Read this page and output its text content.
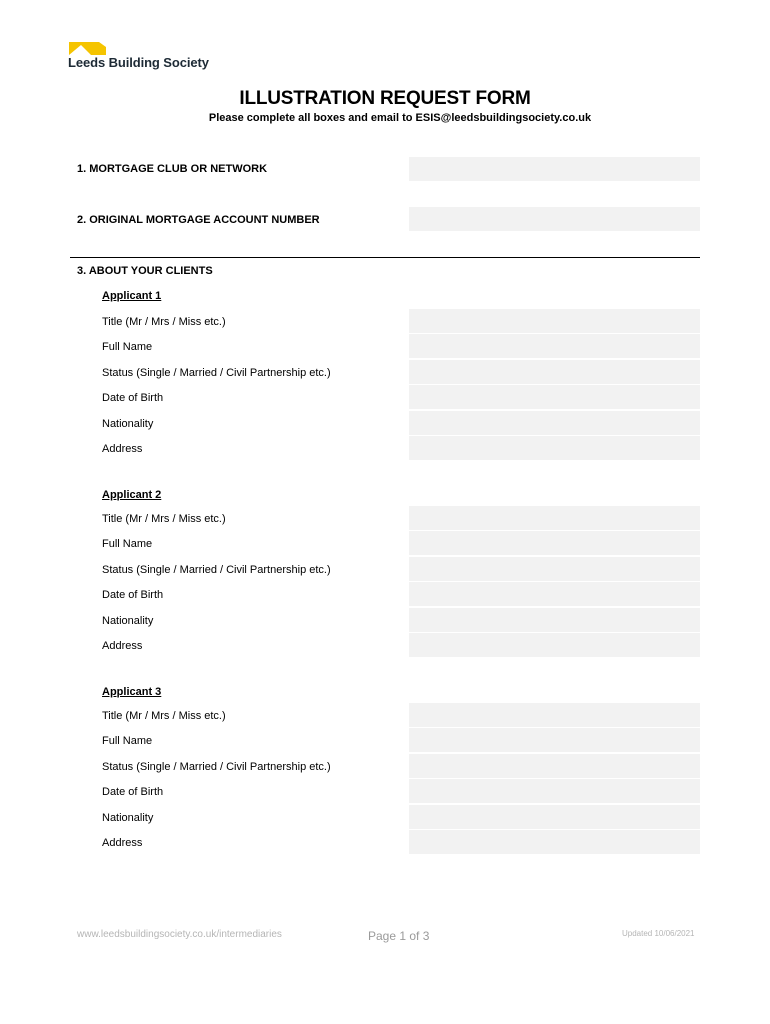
Leeds Building Society
ILLUSTRATION REQUEST FORM
Please complete all boxes and email to ESIS@leedsbuildingsociety.co.uk
1. MORTGAGE CLUB OR NETWORK
2. ORIGINAL MORTGAGE ACCOUNT NUMBER
3. ABOUT YOUR CLIENTS
Applicant 1
Title (Mr / Mrs / Miss etc.)
Full Name
Status (Single / Married / Civil Partnership etc.)
Date of Birth
Nationality
Address
Applicant 2
Title (Mr / Mrs / Miss etc.)
Full Name
Status (Single / Married / Civil Partnership etc.)
Date of Birth
Nationality
Address
Applicant 3
Title (Mr / Mrs / Miss etc.)
Full Name
Status (Single / Married / Civil Partnership etc.)
Date of Birth
Nationality
Address
www.leedsbuildingsociety.co.uk/intermediaries	Page 1 of 3	Updated 10/06/2021
